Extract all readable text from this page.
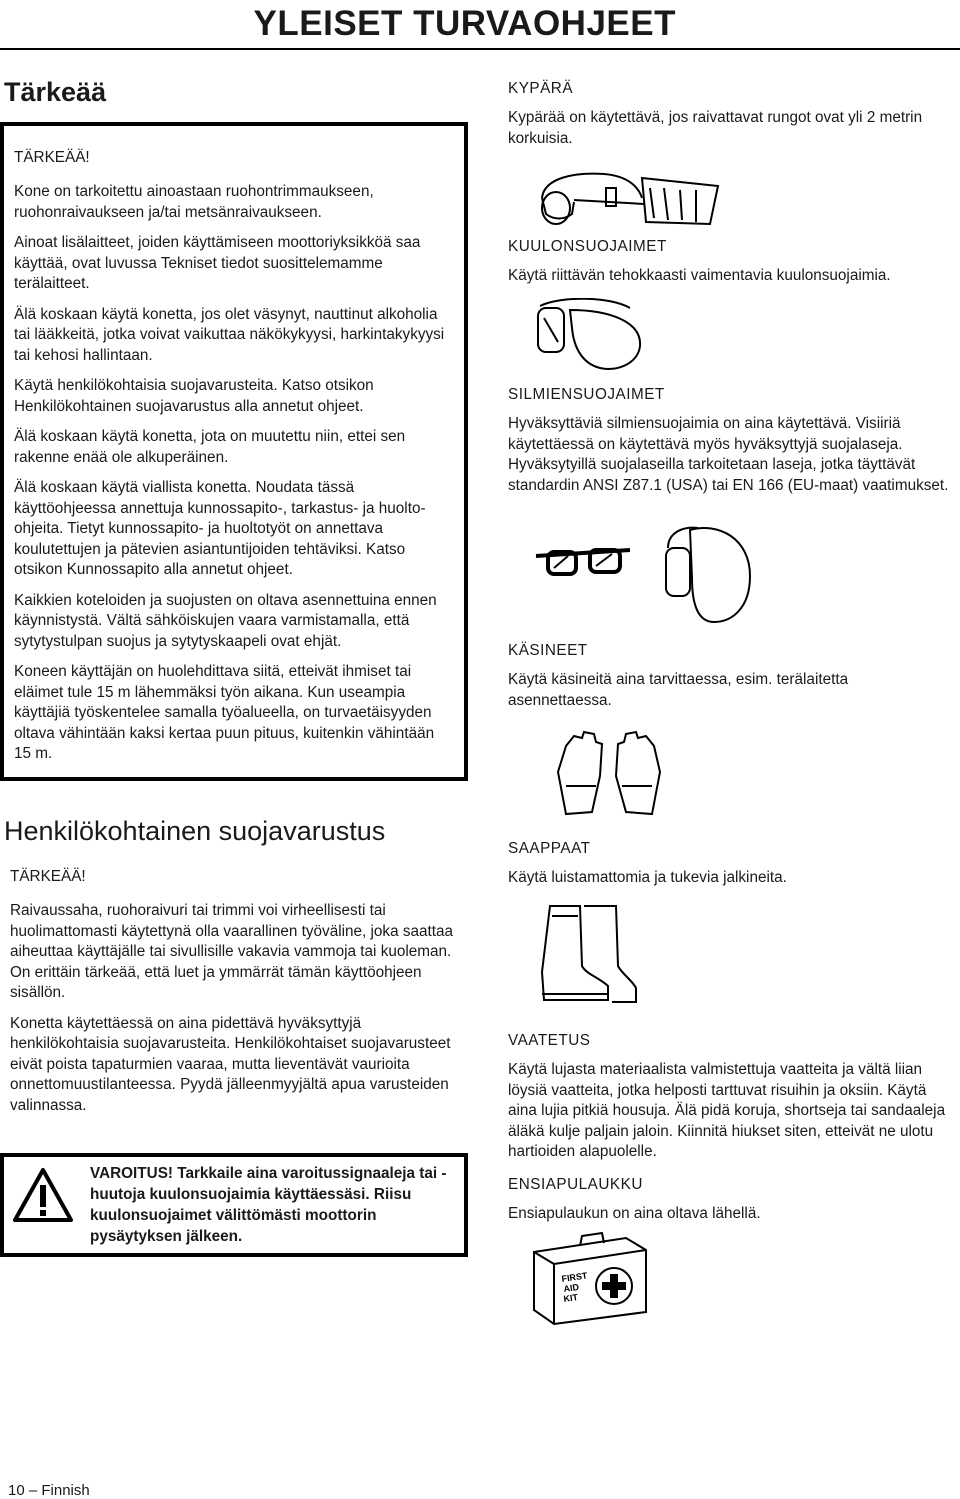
YLEISET TURVAOHJEET
Tärkeää
TÄRKEÄÄ!

Kone on tarkoitettu ainoastaan ruohontrimmaukseen, ruohonraivaukseen ja/tai metsänraivaukseen.

Ainoat lisälaitteet, joiden käyttämiseen moottoriyksikköä saa käyttää, ovat luvussa Tekniset tiedot suosittelemamme terälaitteet.

Älä koskaan käytä konetta, jos olet väsynyt, nauttinut alkoholia tai lääkkeitä, jotka voivat vaikuttaa näkökykyysi, harkintakykyysi tai kehosi hallintaan.

Käytä henkilökohtaisia suojavarusteita. Katso otsikon Henkilökohtainen suojavarustus alla annetut ohjeet.

Älä koskaan käytä konetta, jota on muutettu niin, ettei sen rakenne enää ole alkuperäinen.

Älä koskaan käytä viallista konetta. Noudata tässä käyttöohjeessa annettuja kunnossapito-, tarkastus- ja huolto-ohjeita. Tietyt kunnossapito- ja huoltotyöt on annettava koulutettujen ja pätevien asiantuntijoiden tehtäviksi. Katso otsikon Kunnossapito alla annetut ohjeet.

Kaikkien koteloiden ja suojusten on oltava asennettuina ennen käynnistystä. Vältä sähköiskujen vaara varmistamalla, että sytytystulpan suojus ja sytytyskaapeli ovat ehjät.

Koneen käyttäjän on huolehdittava siitä, etteivät ihmiset tai eläimet tule 15 m lähemmäksi työn aikana. Kun useampia käyttäjiä työskentelee samalla työalueella, on turvaetäisyyden oltava vähintään kaksi kertaa puun pituus, kuitenkin vähintään 15 m.

Henkilökohtainen suojavarustus
TÄRKEÄÄ!

Raivaussaha, ruohoraivuri tai trimmi voi virheellisesti tai huolimattomasti käytettynä olla vaarallinen työväline, joka saattaa aiheuttaa käyttäjälle tai sivullisille vakavia vammoja tai kuoleman. On erittäin tärkeää, että luet ja ymmärrät tämän käyttöohjeen sisällön.

Konetta käytettäessä on aina pidettävä hyväksyttyjä henkilökohtaisia suojavarusteita. Henkilökohtaiset suojavarusteet eivät poista tapaturmien vaaraa, mutta lieventävät vaurioita onnettomuustilanteessa. Pyydä jälleenmyyjältä apua varusteiden valinnassa.

VAROITUS! Tarkkaile aina varoitussignaaleja tai -huutoja kuulonsuojaimia käyttäessäsi. Riisu kuulonsuojaimet välittömästi moottorin pysäytyksen jälkeen.
KYPÄRÄ
Kypärää on käytettävä, jos raivattavat rungot ovat yli 2 metrin korkuisia.
KUULONSUOJAIMET
Käytä riittävän tehokkaasti vaimentavia kuulonsuojaimia.
SILMIENSUOJAIMET
Hyväksyttäviä silmiensuojaimia on aina käytettävä. Visiiriä käytettäessä on käytettävä myös hyväksyttyjä suojalaseja. Hyväksytyillä suojalaseilla tarkoitetaan laseja, jotka täyttävät standardin ANSI Z87.1 (USA) tai EN 166 (EU-maat) vaatimukset.
KÄSINEET
Käytä käsineitä aina tarvittaessa, esim. terälaitetta asennettaessa.
SAAPPAAT
Käytä luistamattomia ja tukevia jalkineita.
VAATETUS
Käytä lujasta materiaalista valmistettuja vaatteita ja vältä liian löysiä vaatteita, jotka helposti tarttuvat risuihin ja oksiin. Käytä aina lujia pitkiä housuja. Älä pidä koruja, shortseja tai sandaaleja äläkä kulje paljain jaloin. Kiinnitä hiukset siten, etteivät ne ulotu hartioiden alapuolelle.
ENSIAPULAUKKU
Ensiapulaukun on aina oltava lähellä.
FIRST
AID
KIT
10 – Finnish
